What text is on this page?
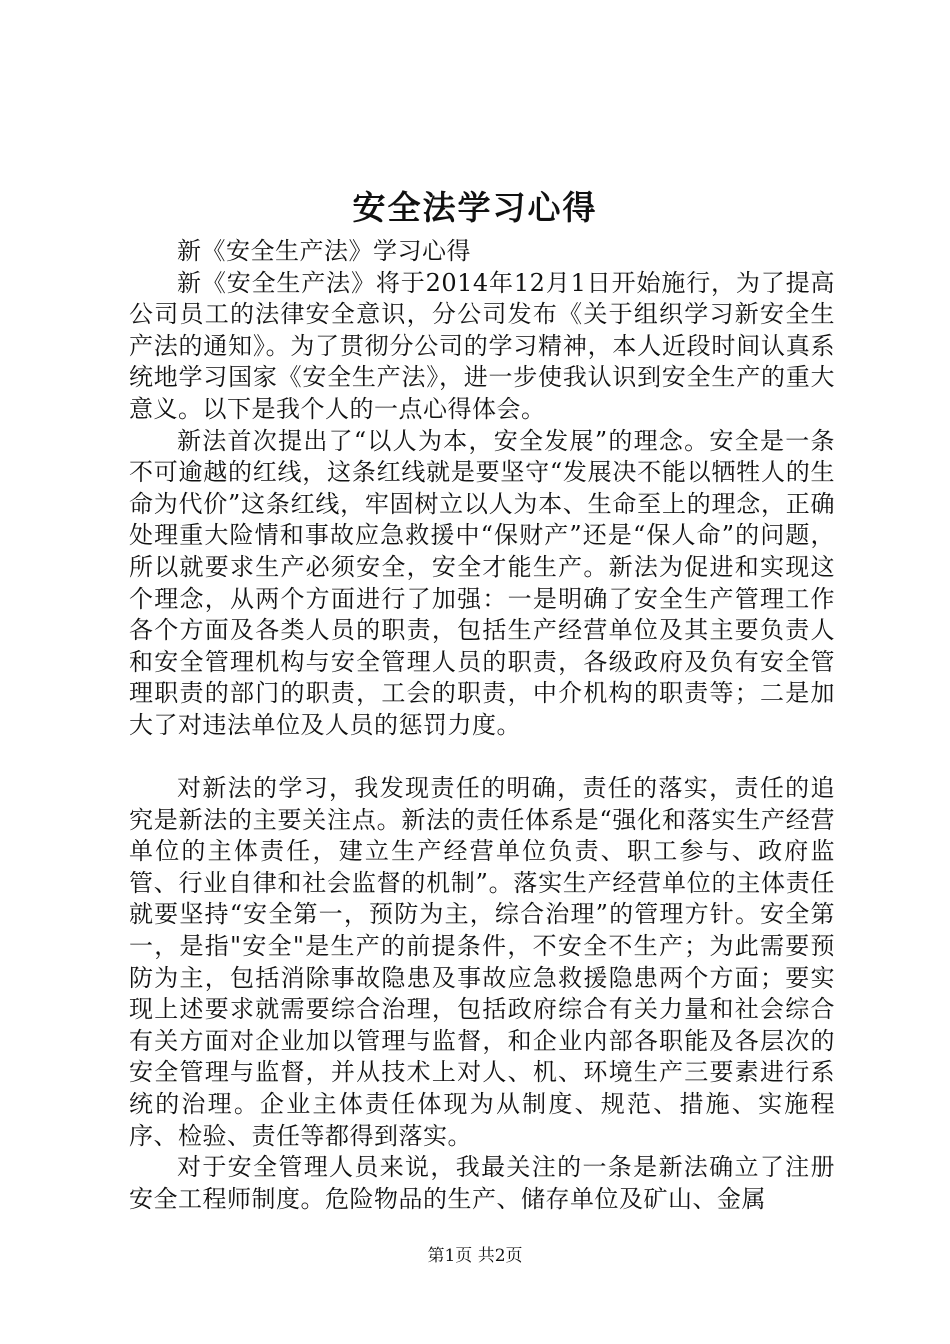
安全法学习心得

新《安全生产法》学习心得

新《安全生产法》将于2014年12月1日开始施行，为了提高公司员工的法律安全意识，分公司发布《关于组织学习新安全生产法的通知》。为了贯彻分公司的学习精神，本人近段时间认真系统地学习国家《安全生产法》，进一步使我认识到安全生产的重大意义。以下是我个人的一点心得体会。

新法首次提出了“以人为本，安全发展”的理念。安全是一条不可逾越的红线，这条红线就是要坚守“发展决不能以牺牲人的生命为代价”这条红线，牢固树立以人为本、生命至上的理念，正确处理重大险情和事故应急救援中“保财产”还是“保人命”的问题，所以就要求生产必须安全，安全才能生产。新法为促进和实现这个理念，从两个方面进行了加强：一是明确了安全生产管理工作各个方面及各类人员的职责，包括生产经营单位及其主要负责人和安全管理机构与安全管理人员的职责，各级政府及负有安全管理职责的部门的职责，工会的职责，中介机构的职责等；二是加大了对违法单位及人员的惩罚力度。

对新法的学习，我发现责任的明确，责任的落实，责任的追究是新法的主要关注点。新法的责任体系是“强化和落实生产经营单位的主体责任，建立生产经营单位负责、职工参与、政府监管、行业自律和社会监督的机制”。落实生产经营单位的主体责任就要坚持“安全第一，预防为主，综合治理”的管理方针。安全第一，是指"安全"是生产的前提条件，不安全不生产；为此需要预防为主，包括消除事故隐患及事故应急救援隐患两个方面；要实现上述要求就需要综合治理，包括政府综合有关力量和社会综合有关方面对企业加以管理与监督，和企业内部各职能及各层次的安全管理与监督，并从技术上对人、机、环境生产三要素进行系统的治理。企业主体责任体现为从制度、规范、措施、实施程序、检验、责任等都得到落实。

对于安全管理人员来说，我最关注的一条是新法确立了注册安全工程师制度。危险物品的生产、储存单位及矿山、金属

第1页 共2页
